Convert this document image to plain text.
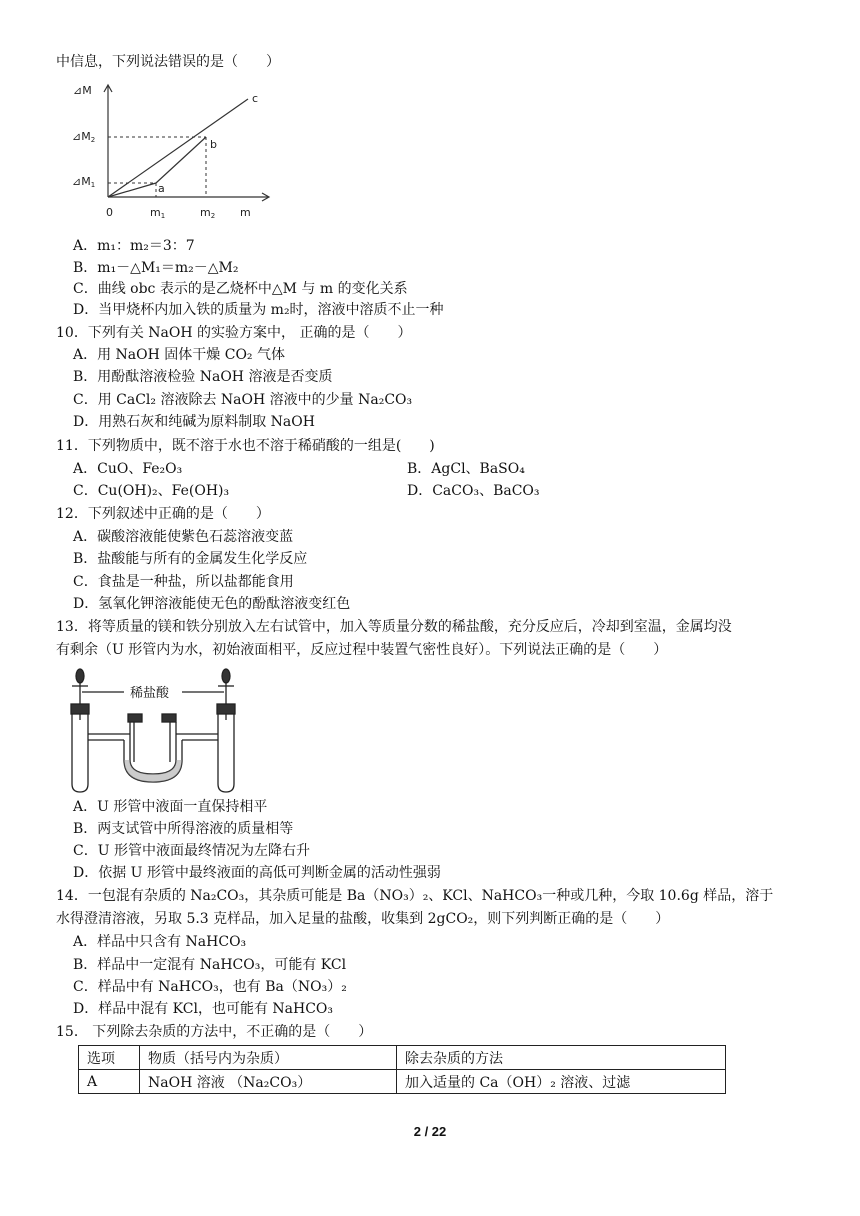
中信息，下列说法错误的是（　　）
⊿M
⊿M2
⊿M1
0	m1	m2 m
a
b
c
A．m₁：m₂＝3：7
B．m₁－△M₁＝m₂－△M₂
C．曲线 obc 表示的是乙烧杯中△M 与 m 的变化关系
D．当甲烧杯内加入铁的质量为 m₂时，溶液中溶质不止一种
10．下列有关 NaOH 的实验方案中， 正确的是（　　）
A．用 NaOH 固体干燥 CO₂ 气体
B．用酚酞溶液检验 NaOH 溶液是否变质
C．用 CaCl₂ 溶液除去 NaOH 溶液中的少量 Na₂CO₃
D．用熟石灰和纯碱为原料制取 NaOH
11．下列物质中，既不溶于水也不溶于稀硝酸的一组是(　　)
A．CuO、Fe₂O₃	B．AgCl、BaSO₄
C．Cu(OH)₂、Fe(OH)₃	D．CaCO₃、BaCO₃
12．下列叙述中正确的是（　　）
A．碳酸溶液能使紫色石蕊溶液变蓝
B．盐酸能与所有的金属发生化学反应
C．食盐是一种盐，所以盐都能食用
D．氢氧化钾溶液能使无色的酚酞溶液变红色
13．将等质量的镁和铁分别放入左右试管中，加入等质量分数的稀盐酸，充分反应后，冷却到室温，金属均没
有剩余（U 形管内为水，初始液面相平，反应过程中装置气密性良好）。下列说法正确的是（　　）
稀盐酸
A．U 形管中液面一直保持相平
B．两支试管中所得溶液的质量相等
C．U 形管中液面最终情况为左降右升
D．依据 U 形管中最终液面的高低可判断金属的活动性强弱
14．一包混有杂质的 Na₂CO₃，其杂质可能是 Ba（NO₃）₂、KCl、NaHCO₃一种或几种，今取 10.6g 样品，溶于
水得澄清溶液，另取 5.3 克样品，加入足量的盐酸，收集到 2gCO₂，则下列判断正确的是（　　）
A．样品中只含有 NaHCO₃
B．样品中一定混有 NaHCO₃，可能有 KCl
C．样品中有 NaHCO₃，也有 Ba（NO₃）₂
D．样品中混有 KCl，也可能有 NaHCO₃
15． 下列除去杂质的方法中，不正确的是（　　）
选项	物质（括号内为杂质）	除去杂质的方法
A	NaOH 溶液 （Na₂CO₃）	加入适量的 Ca（OH）₂ 溶液、过滤
2 / 22
